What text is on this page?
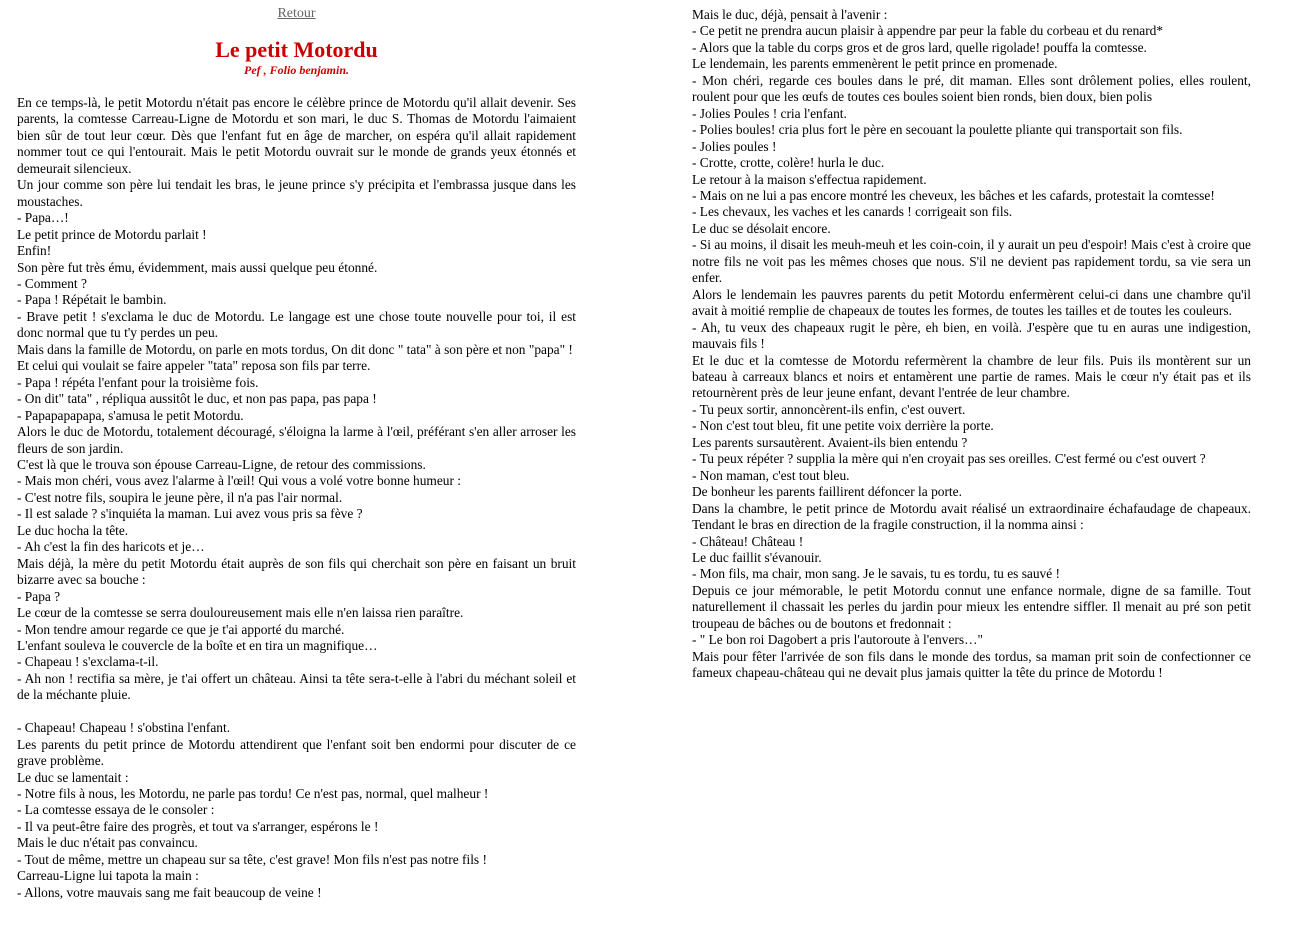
Retour
Le petit Motordu
Pef , Folio benjamin.

En ce temps-là, le petit Motordu n'était pas encore le célèbre prince de Motordu qu'il allait devenir. Ses parents, la comtesse Carreau-Ligne de Motordu et son mari, le duc S. Thomas de Motordu l'aimaient bien sûr de tout leur cœur. Dès que l'enfant fut en âge de marcher, on espéra qu'il allait rapidement nommer tout ce qui l'entourait. Mais le petit Motordu ouvrait sur le monde de grands yeux étonnés et demeurait silencieux.

Un jour comme son père lui tendait les bras, le jeune prince s'y précipita et l'embrassa jusque dans les moustaches.

- Papa…!

Le petit prince de Motordu parlait !

Enfin!

Son père fut très ému, évidemment, mais aussi quelque peu étonné.

- Comment ?

- Papa ! Répétait le bambin.

- Brave petit ! s'exclama le duc de Motordu. Le langage est une chose toute nouvelle pour toi, il est donc normal que tu t'y perdes un peu.

Mais dans la famille de Motordu, on parle en mots tordus, On dit donc " tata" à son père et non "papa" !

Et celui qui voulait se faire appeler "tata" reposa son fils par terre.

- Papa ! répéta l'enfant pour la troisième fois.

- On dit" tata" , répliqua aussitôt le duc, et non pas papa, pas papa !

- Papapapapapa, s'amusa le petit Motordu.

Alors le duc de Motordu, totalement découragé, s'éloigna la larme à l'œil, préférant s'en aller arroser les fleurs de son jardin.

C'est là que le trouva son épouse Carreau-Ligne, de retour des commissions.

- Mais mon chéri, vous avez l'alarme à l'œil! Qui vous a volé votre bonne humeur :

- C'est notre fils, soupira le jeune père, il n'a pas l'air normal.

- Il est salade ? s'inquiéta la maman. Lui avez vous pris sa fève ?

Le duc hocha la tête.

- Ah c'est la fin des haricots et je…

Mais déjà, la mère du petit Motordu était auprès de son fils qui cherchait son père en faisant un bruit bizarre avec sa bouche :

- Papa ?

Le cœur de la comtesse se serra douloureusement mais elle n'en laissa rien paraître.

- Mon tendre amour regarde ce que je t'ai apporté du marché.

L'enfant souleva le couvercle de la boîte et en tira un magnifique…

- Chapeau ! s'exclama-t-il.

- Ah non ! rectifia sa mère, je t'ai offert un château. Ainsi ta tête sera-t-elle à l'abri du méchant soleil et de la méchante pluie.

- Chapeau! Chapeau ! s'obstina l'enfant.

Les parents du petit prince de Motordu attendirent que l'enfant soit ben endormi pour discuter de ce grave problème.

Le duc se lamentait :

- Notre fils à nous, les Motordu, ne parle pas tordu! Ce n'est pas, normal, quel malheur !

- La comtesse essaya de le consoler :

- Il va peut-être faire des progrès, et tout va s'arranger, espérons le !

Mais le duc n'était pas convaincu.

- Tout de même, mettre un chapeau sur sa tête, c'est grave! Mon fils n'est pas notre fils !

Carreau-Ligne lui tapota la main :

- Allons, votre mauvais sang me fait beaucoup de veine !

Mais le duc, déjà, pensait à l'avenir :

- Ce petit ne prendra aucun plaisir à appendre par peur la fable du corbeau et du renard*

- Alors que la table du corps gros et de gros lard, quelle rigolade! pouffa la comtesse.

Le lendemain, les parents emmenèrent le petit prince en promenade.

- Mon chéri, regarde ces boules dans le pré, dit maman. Elles sont drôlement polies, elles roulent, roulent pour que les œufs de toutes ces boules soient bien ronds, bien doux, bien polis

- Jolies Poules ! cria l'enfant.

- Polies boules! cria plus fort le père en secouant la poulette pliante qui transportait son fils.

- Jolies poules !

- Crotte, crotte, colère! hurla le duc.

Le retour à la maison s'effectua rapidement.

- Mais on ne lui a pas encore montré les cheveux, les bâches et les cafards, protestait la comtesse!

- Les chevaux, les vaches et les canards ! corrigeait son fils.

Le duc se désolait encore.

- Si au moins, il disait les meuh-meuh et les coin-coin, il y aurait un peu d'espoir! Mais c'est à croire que notre fils ne voit pas les mêmes choses que nous. S'il ne devient pas rapidement tordu, sa vie sera un enfer.

Alors le lendemain les pauvres parents du petit Motordu enfermèrent celui-ci dans une chambre qu'il avait à moitié remplie de chapeaux de toutes les formes, de toutes les tailles et de toutes les couleurs.

- Ah, tu veux des chapeaux rugit le père, eh bien, en voilà. J'espère que tu en auras une indigestion, mauvais fils !

Et le duc et la comtesse de Motordu refermèrent la chambre de leur fils. Puis ils montèrent sur un bateau à carreaux blancs et noirs et entamèrent une partie de rames. Mais le cœur n'y était pas et ils retournèrent près de leur jeune enfant, devant l'entrée de leur chambre.

- Tu peux sortir, annoncèrent-ils enfin, c'est ouvert.

- Non c'est tout bleu, fit une petite voix derrière la porte.

Les parents sursautèrent. Avaient-ils bien entendu ?

- Tu peux répéter ? supplia la mère qui n'en croyait pas ses oreilles. C'est fermé ou c'est ouvert ?

- Non maman, c'est tout bleu.

De bonheur les parents faillirent défoncer la porte.

Dans la chambre, le petit prince de Motordu avait réalisé un extraordinaire échafaudage de chapeaux. Tendant le bras en direction de la fragile construction, il la nomma ainsi :

- Château! Château !

Le duc faillit s'évanouir.

- Mon fils, ma chair, mon sang. Je le savais, tu es tordu, tu es sauvé !

Depuis ce jour mémorable, le petit Motordu connut une enfance normale, digne de sa famille. Tout naturellement il chassait les perles du jardin pour mieux les entendre siffler. Il menait au pré son petit troupeau de bâches ou de boutons et fredonnait :

- " Le bon roi Dagobert a pris l'autoroute à l'envers…"

Mais pour fêter l'arrivée de son fils dans le monde des tordus, sa maman prit soin de confectionner ce fameux chapeau-château qui ne devait plus jamais quitter la tête du prince de Motordu !
